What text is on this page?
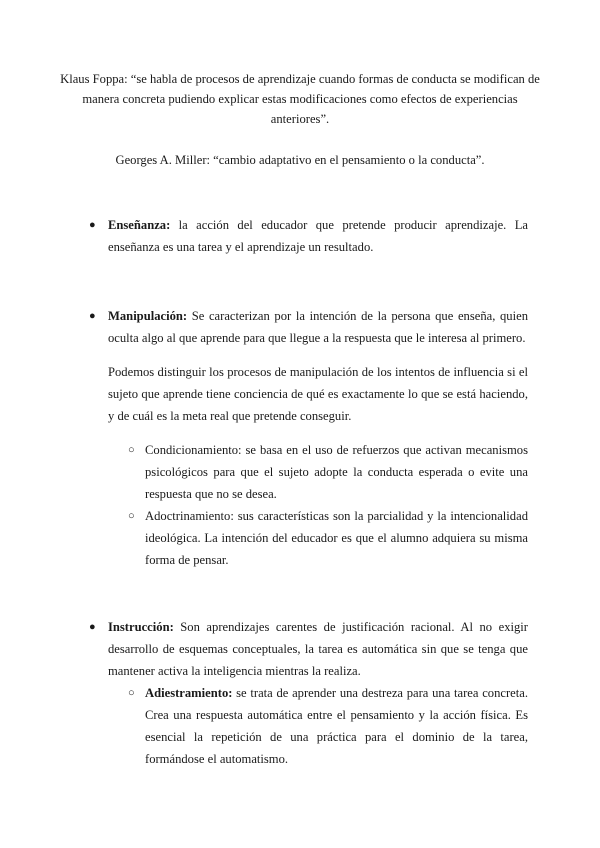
Klaus Foppa: “se habla de procesos de aprendizaje cuando formas de conducta se modifican de manera concreta pudiendo explicar estas modificaciones como efectos de experiencias anteriores”.

Georges A. Miller: “cambio adaptativo en el pensamiento o la conducta”.

● Enseñanza: la acción del educador que pretende producir aprendizaje. La enseñanza es una tarea y el aprendizaje un resultado.

● Manipulación: Se caracterizan por la intención de la persona que enseña, quien oculta algo al que aprende para que llegue a la respuesta que le interesa al primero.

Podemos distinguir los procesos de manipulación de los intentos de influencia si el sujeto que aprende tiene conciencia de qué es exactamente lo que se está haciendo, y de cuál es la meta real que pretende conseguir.

○ Condicionamiento: se basa en el uso de refuerzos que activan mecanismos psicológicos para que el sujeto adopte la conducta esperada o evite una respuesta que no se desea.

○ Adoctrinamiento: sus características son la parcialidad y la intencionalidad ideológica. La intención del educador es que el alumno adquiera su misma forma de pensar.

● Instrucción: Son aprendizajes carentes de justificación racional. Al no exigir desarrollo de esquemas conceptuales, la tarea es automática sin que se tenga que mantener activa la inteligencia mientras la realiza.

○ Adiestramiento: se trata de aprender una destreza para una tarea concreta. Crea una respuesta automática entre el pensamiento y la acción física. Es esencial la repetición de una práctica para el dominio de la tarea, formándose el automatismo.
